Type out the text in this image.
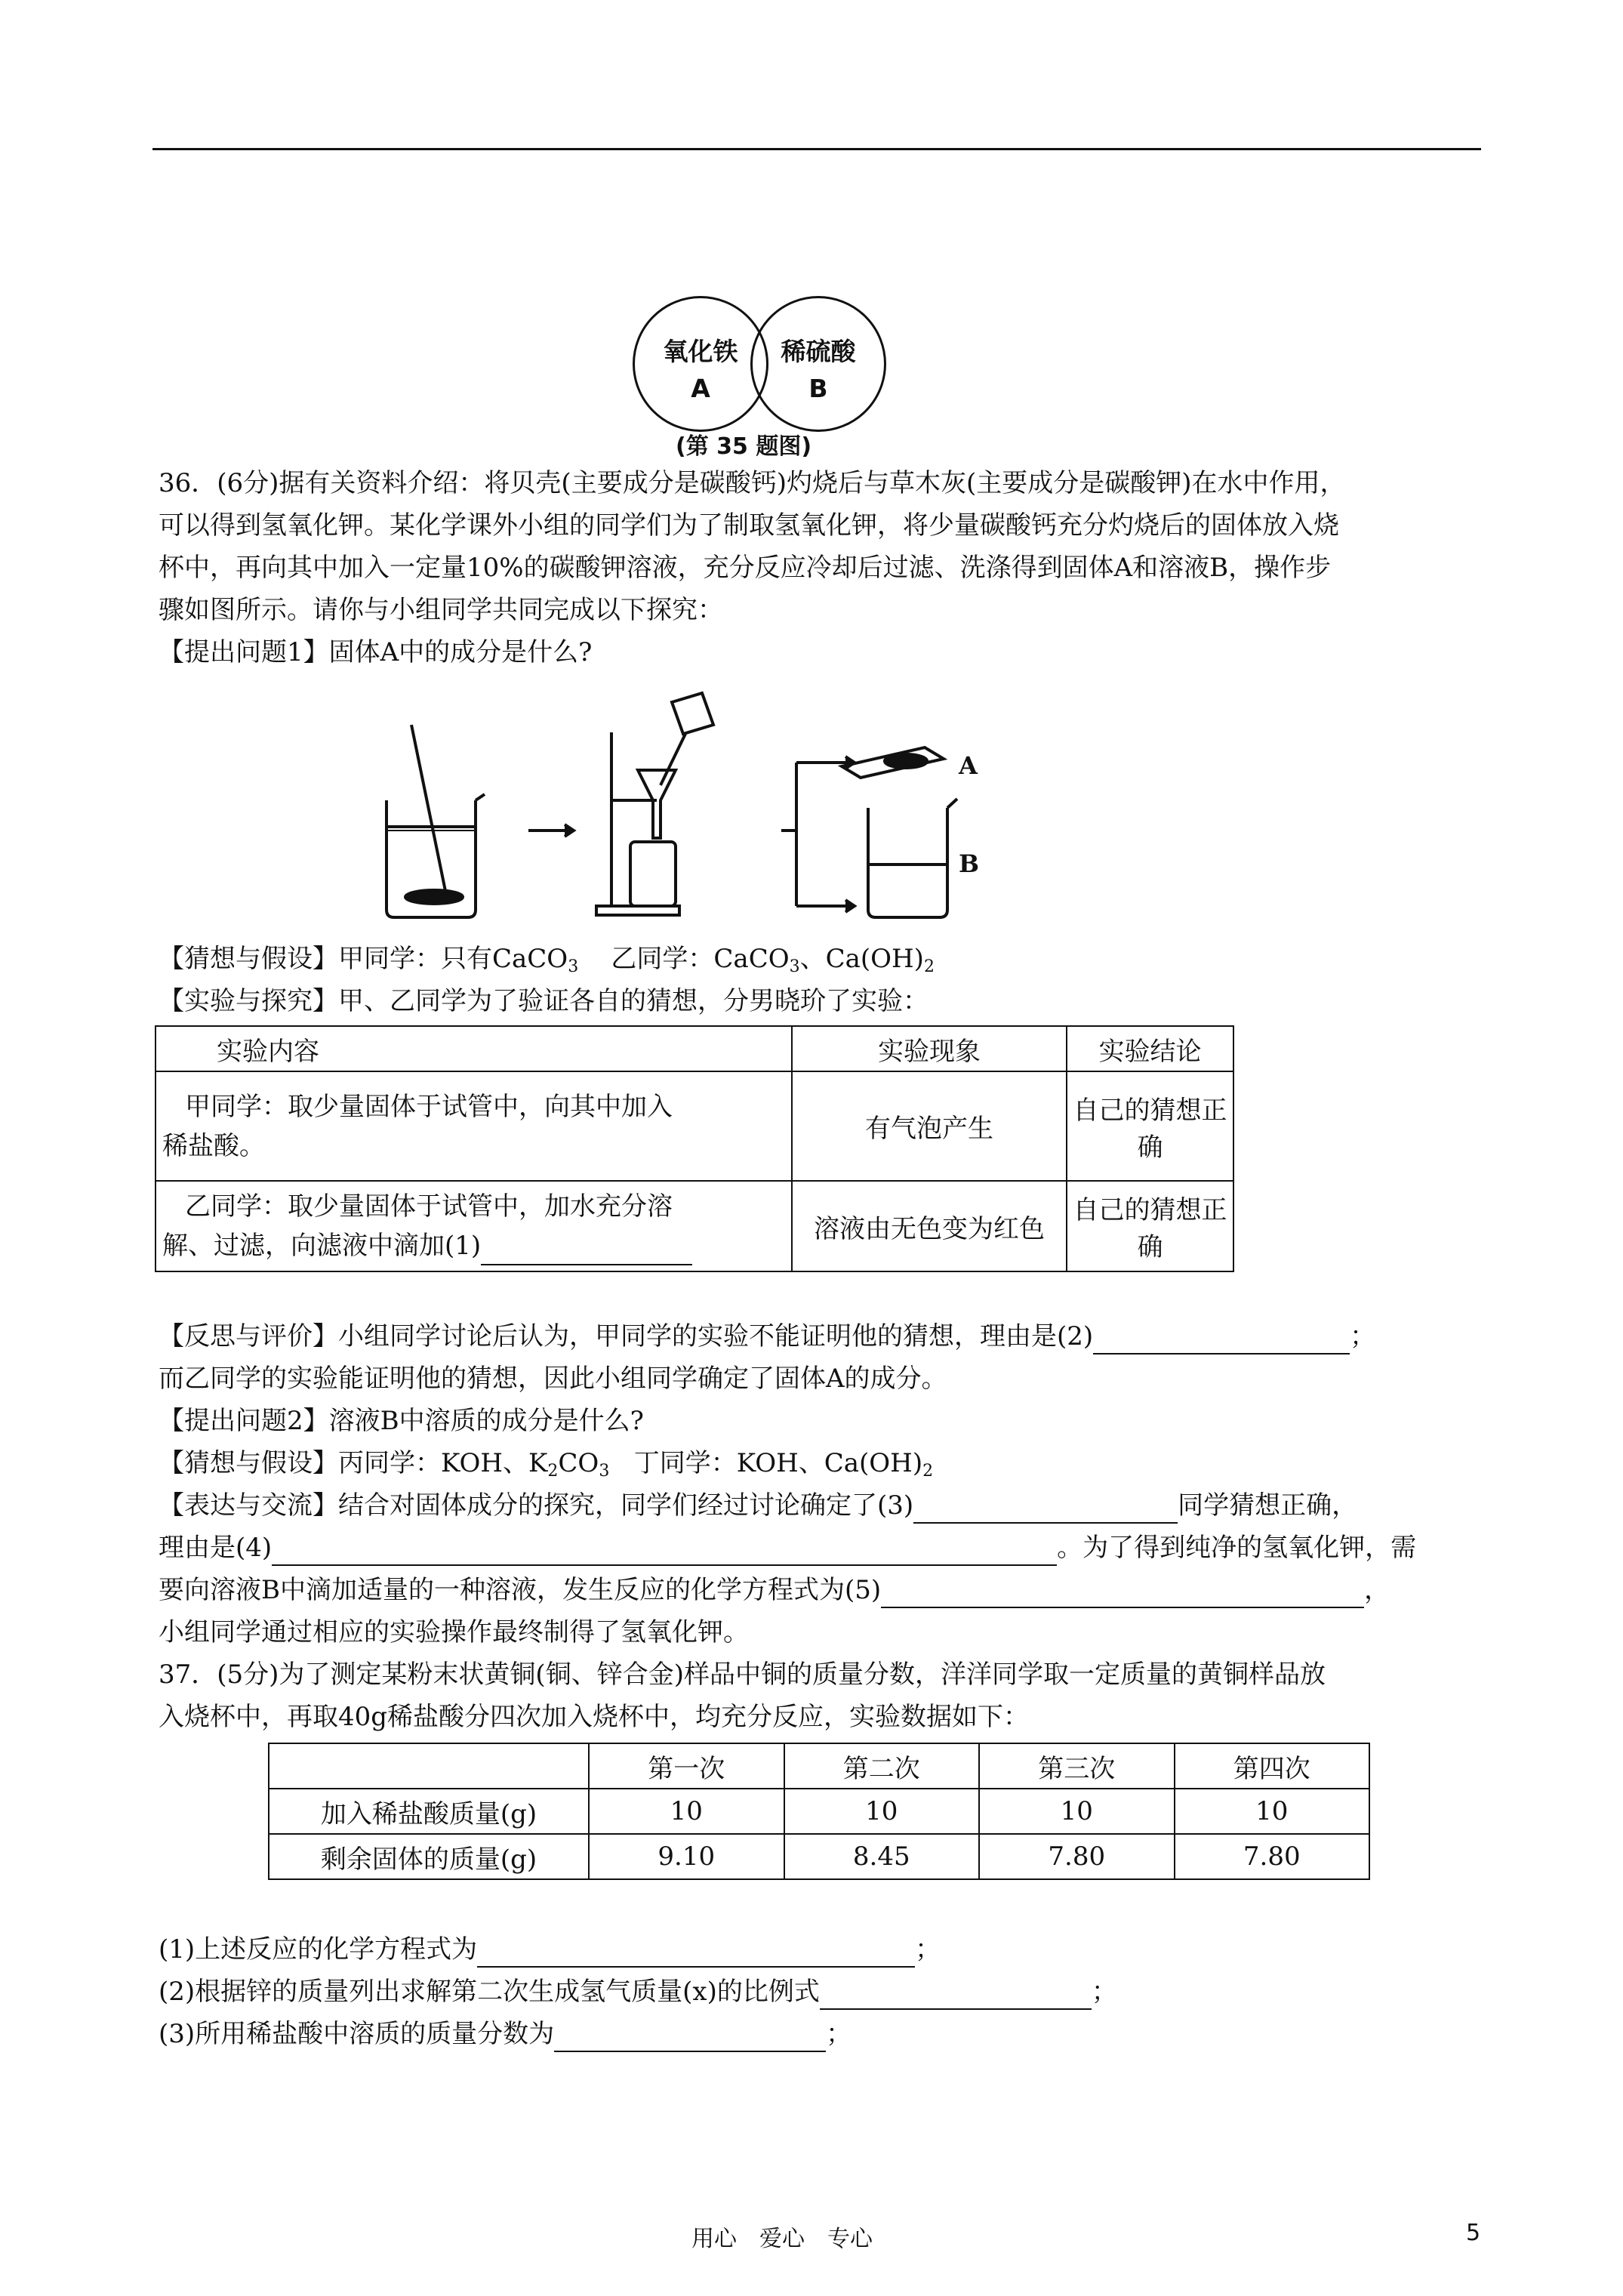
氧化铁
A
稀硫酸
B
(第 35 题图)
36．(6分)据有关资料介绍：将贝壳(主要成分是碳酸钙)灼烧后与草木灰(主要成分是碳酸钾)在水中作用，
可以得到氢氧化钾。某化学课外小组的同学们为了制取氢氧化钾，将少量碳酸钙充分灼烧后的固体放入烧
杯中，再向其中加入一定量10%的碳酸钾溶液，充分反应冷却后过滤、洗涤得到固体A和溶液B，操作步
骤如图所示。请你与小组同学共同完成以下探究：
【提出问题1】固体A中的成分是什么?
A
B
【猜想与假设】甲同学：只有CaCO$_3$ 乙同学：CaCO$_3$、$Ca(OH)_2$
【实验与探究】甲、乙同学为了验证各自的猜想，分男晓玠了实验：
实验内容	实验现象	实验结论

甲同学：取少量固体于试管中，向其中加入
稀盐酸。	有气泡产生	自己的猜想正确

乙同学：取少量固体于试管中，加水充分溶
解、过滤，向滤液中滴加(1)	溶液由无色变为红色	自己的猜想正确
【反思与评价】小组同学讨论后认为，甲同学的实验不能证明他的猜想，理由是(2)	；
而乙同学的实验能证明他的猜想，因此小组同学确定了固体A的成分。
【提出问题2】溶液B中溶质的成分是什么?
【猜想与假设】丙同学：KOH、$K_2CO_3$ 丁同学：KOH、$Ca(OH)_2$
【表达与交流】结合对固体成分的探究，同学们经过讨论确定了(3)	同学猜想正确，
理由是(4)	。为了得到纯净的氢氧化钾，需
要向溶液B中滴加适量的一种溶液，发生反应的化学方程式为(5)	，
小组同学通过相应的实验操作最终制得了氢氧化钾。
37．(5分)为了测定某粉末状黄铜(铜、锌合金)样品中铜的质量分数，洋洋同学取一定质量的黄铜样品放
入烧杯中，再取40g稀盐酸分四次加入烧杯中，均充分反应，实验数据如下：
	第一次	第二次	第三次	第四次
加入稀盐酸质量(g)	10	10	10	10
剩余固体的质量(g)	9.10	8.45	7.80	7.80
(1)上述反应的化学方程式为	；
(2)根据锌的质量列出求解第二次生成氢气质量(x)的比例式	；
(3)所用稀盐酸中溶质的质量分数为	；
用心　爱心　专心	5
